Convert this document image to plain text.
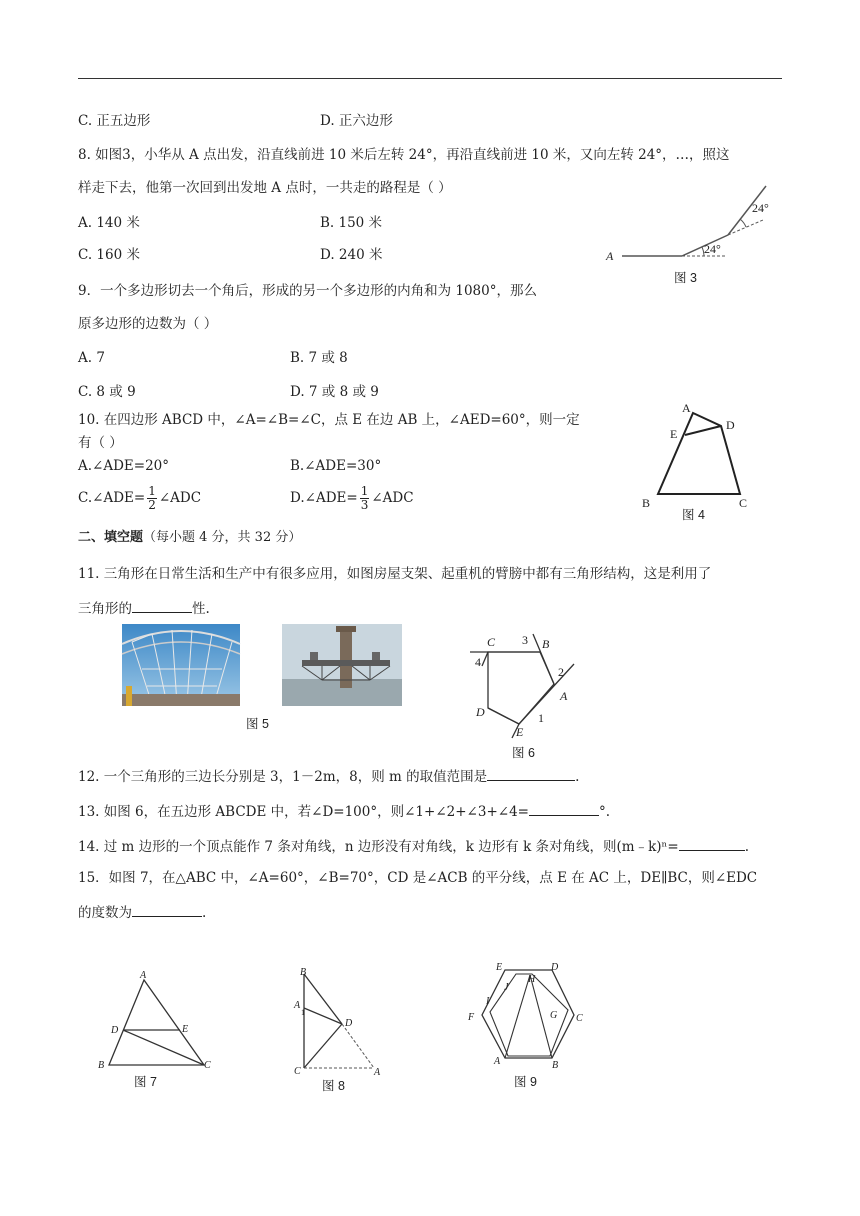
C. 正五边形	D. 正六边形
8. 如图3，小华从 A 点出发，沿直线前进 10 米后左转 24°，再沿直线前进 10 米，又向左转 24°，…，照这
样走下去，他第一次回到出发地 A 点时，一共走的路程是（ ）
A. 140 米	B. 150 米
C. 160 米	D. 240 米	A	24°
24°
图 3
9．一个多边形切去一个角后，形成的另一个多边形的内角和为 1080°，那么
原多边形的边数为（ ）
A. 7	B. 7 或 8
C. 8 或 9	D. 7 或 8 或 9
10. 在四边形 ABCD 中，∠A=∠B=∠C，点 E 在边 AB 上，∠AED=60°，则一定
有（ ）
A.∠ADE=20°	B.∠ADE=30°
C.∠ADE= $\frac{1}{2}$ ∠ADC	D.∠ADE= $\frac{1}{3}$ ∠ADC
A
D
E
B	C
图 4
二、填空题（每小题 4 分，共 32 分）
11. 三角形在日常生活和生产中有很多应用，如图房屋支架、起重机的臂膀中都有三角形结构，这是利用了
三角形的	性.
图 5
C	B
A
D
E
3
2
4
1
图 6
12. 一个三角形的三边长分别是 3，1－2m，8，则 m 的取值范围是	.
13. 如图 6，在五边形 ABCDE 中，若∠D=100°，则∠1+∠2+∠3+∠4=	°.
14. 过 m 边形的一个顶点能作 7 条对角线，n 边形没有对角线，k 边形有 k 条对角线，则(m﹣k)ⁿ=	.
15．如图 7，在△ABC 中，∠A=60°，∠B=70°，CD 是∠ACB 的平分线，点 E 在 AC 上，DE∥BC，则∠EDC
的度数为	.
A
D	E
B	C
图 7
B
A
1
D
C	A
图 8
E	D
C
B
A
F	G
H
I
J
图 9
